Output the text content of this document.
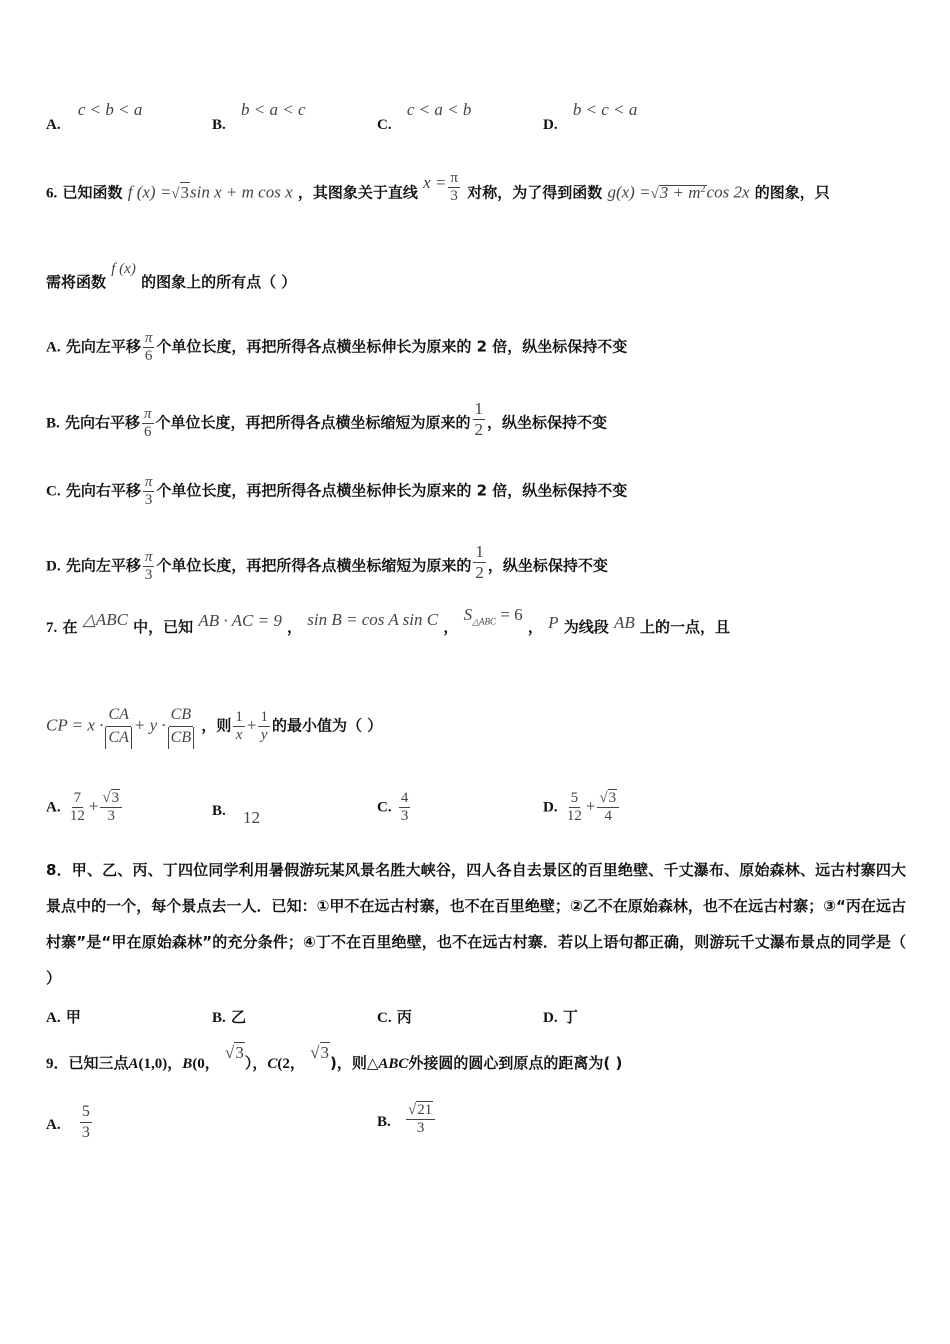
A. c < b < a
B. b < a < c
C. c < a < b
D. b < c < a
6. 已知函数 f (x) =√3sin x + m cos x ，其图象关于直线 $x = \frac{\pi}{3}$ 对称，为了得到函数 $g(x) =√3 + m^2\cos$ 2x 的图象，只
需将函数 f (x) 的图象上的所有点（ ）
A. 先向左平移 $\frac{\pi}{6}$ 个单位长度，再把所得各点横坐标伸长为原来的 2 倍，纵坐标保持不变
B. 先向右平移 $\frac{\pi}{6}$ 个单位长度，再把所得各点横坐标缩短为原来的 $\frac{1}{2}$ ，纵坐标保持不变
C. 先向右平移 $\frac{\pi}{3}$ 个单位长度，再把所得各点横坐标伸长为原来的 2 倍，纵坐标保持不变
D. 先向左平移 $\frac{\pi}{3}$ 个单位长度，再把所得各点横坐标缩短为原来的 $\frac{1}{2}$ ，纵坐标保持不变
7. 在 △ABC 中，已知 AB · AC = 9 ， sin B = cos A sin C ， $S_{\triangle ABC} = 6$ ， P 为线段 AB 上的一点，且
CP = $x \cdot \frac{CA}{CA} + y \cdot \frac{CB}{CB}$ ，则 $\frac{1}{x} + \frac{1}{y}$ 的最小值为（ ）
A. $\frac{7}{12} + \frac{√3}{3}$	B. 12
C. $\frac{4}{3}$	D. $\frac{5}{12} + \frac{√3}{4}$
8．甲、乙、丙、丁四位同学利用暑假游玩某风景名胜大峡谷，四人各自去景区的百里绝壁、千丈瀑布、原始森林、远古村寨四大景点中的一个，每个景点去一人．已知：①甲不在远古村寨，也不在百里绝壁；②乙不在原始森林，也不在远古村寨；③“丙在远古村寨”是“甲在原始森林”的充分条件；④丁不在百里绝壁，也不在远古村寨．若以上语句都正确，则游玩千丈瀑布景点的同学是（ ）
A. 甲	B. 乙	C. 丙	D. 丁
9．已知三点A(1,0)，B(0， √3），C(2， √3)，则△ABC外接圆的圆心到原点的距离为( )
A. $\frac{5}{3}$	B. $\frac{√21}{3}$
